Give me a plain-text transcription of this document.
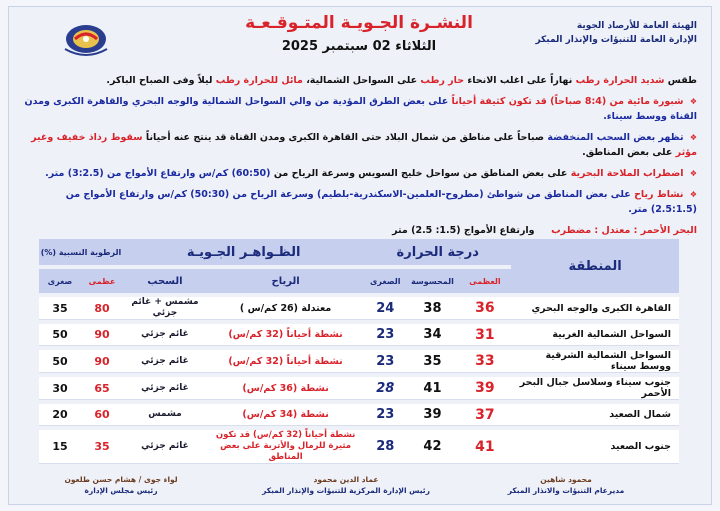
النشـرة الجـويـة المتـوقـعـة
الثلاثاء 02 سبتمبر 2025
الهيئة العامة للأرصاد الجوية
الإدارة العامة للتنبؤات والإنذار المبكر

طقس شديد الحرارة رطب نهاراً على اغلب الانحاء حار رطب على السواحل الشمالية، مائل للحرارة رطب ليلاً وفى الصباح الباكر.

❖ شبورة مائية من (8:4 صباحاً) قد تكون كثيفة أحياناً على بعض الطرق المؤدية من والي السواحل الشمالية والوجه البحري والقاهرة الكبرى ومدن القناة ووسط سيناء.

❖ تظهر بعض السحب المنخفضة صباحاً على مناطق من شمال البلاد حتى القاهرة الكبرى ومدن القناة قد ينتج عنه أحياناً سقوط رذاذ خفيف وغير مؤثر على بعض المناطق.

❖ اضطراب الملاحة البحرية على بعض المناطق من سواحل خليج السويس وسرعة الرياح من (60:50) كم/س وارتفاع الأمواج من (3:2.5) متر.

❖ نشاط رياح على بعض المناطق من شواطئ (مطروح-العلمين-الاسكندرية-بلطيم) وسرعة الرياح من (50:30) كم/س وارتفاع الأمواج من (2.5:1.5) متر.

البحر الأحمر : معتدل : مضطرب     وارتفاع الأمواج (1.5: 2.5) متر

المنطقة	درجة الحرارة			الظـواهـر الجـويـة		الرطوبة النسبية (%)	
	العظمى	المحسوسة	الصغرى	الرياح	السحب	عظمى	صغرى
القاهرة الكبرى والوجه البحري	36	38	24	معتدلة (26 كم/س )	مشمس + غائم جزئي	80	35
السواحل الشمالية الغربية	31	34	23	نشطة أحياناً (32 كم/س)	غائم جزئي	90	50
السواحل الشمالية الشرقية ووسط سيناء	33	35	23	نشطة أحياناً (32 كم/س)	غائم جزئي	90	50
جنوب سيناء وسلاسل جبال البحر الأحمر	39	41	28	نشطة (36 كم/س)	غائم جزئي	65	30
شمال الصعيد	37	39	23	نشطة (34 كم/س)	مشمس	60	20
جنوب الصعيد	41	42	28	نشطة أحياناً (32 كم/س) قد تكون مثيرة للرمال والأتربة على بعض المناطق	غائم جزئي	35	15
محمود شاهين
مديرعام التنبؤات والانذار المبكر
عماد الدين محمود
رئيس الإدارة المركزية للتنبؤات والإنذار المبكر
لواء جوى / هشام حسن طلعون
رئيس مجلس الإدارة
